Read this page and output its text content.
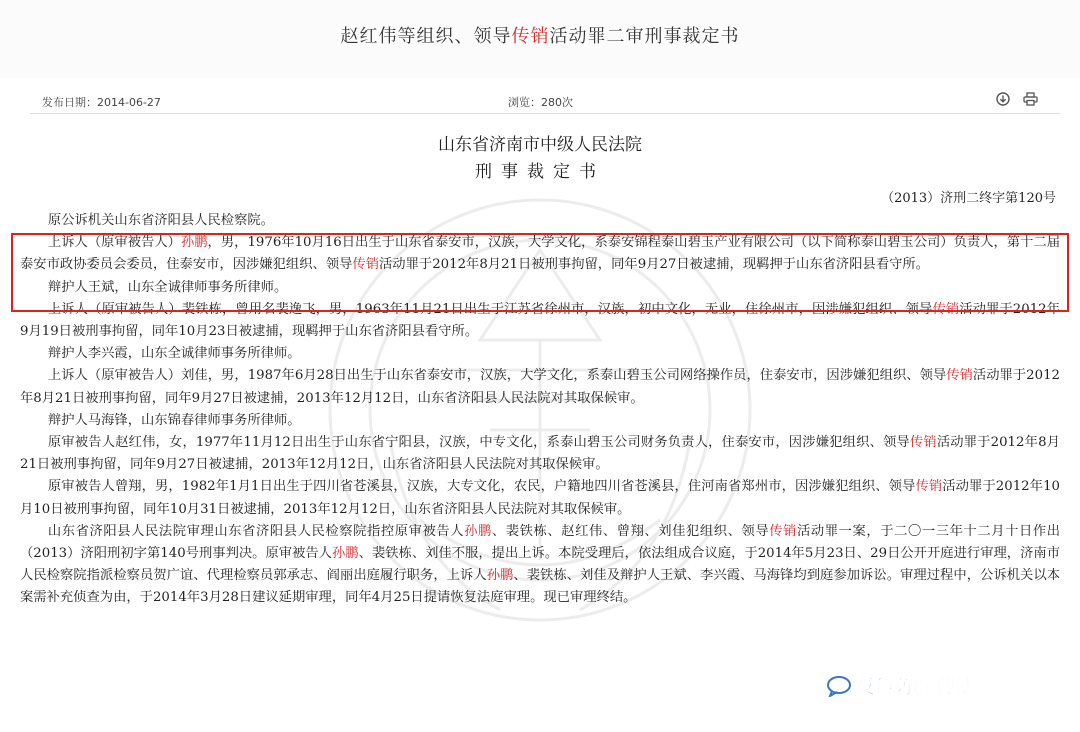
赵红伟等组织、领导传销活动罪二审刑事裁定书
发布日期：2014-06-27	浏览：280次

山东省济南市中级人民法院
刑事裁定书
（2013）济刑二终字第120号

原公诉机关山东省济阳县人民检察院。

上诉人（原审被告人）孙鹏，男，1976年10月16日出生于山东省泰安市，汉族，大学文化，系泰安锦程泰山碧玉产业有限公司（以下简称泰山碧玉公司）负责人，第十二届泰安市政协委员会委员，住泰安市，因涉嫌犯组织、领导传销活动罪于2012年8月21日被刑事拘留，同年9月27日被逮捕，现羁押于山东省济阳县看守所。

辩护人王斌，山东全诚律师事务所律师。

上诉人（原审被告人）裴铁栋，曾用名裴逸飞，男，1963年11月21日出生于江苏省徐州市，汉族，初中文化，无业，住徐州市，因涉嫌犯组织、领导传销活动罪于2012年9月19日被刑事拘留，同年10月23日被逮捕，现羁押于山东省济阳县看守所。

辩护人李兴霞，山东全诚律师事务所律师。

上诉人（原审被告人）刘佳，男，1987年6月28日出生于山东省泰安市，汉族，大学文化，系泰山碧玉公司网络操作员，住泰安市，因涉嫌犯组织、领导传销活动罪于2012年8月21日被刑事拘留，同年9月27日被逮捕，2013年12月12日，山东省济阳县人民法院对其取保候审。

辩护人马海锋，山东锦春律师事务所律师。

原审被告人赵红伟，女，1977年11月12日出生于山东省宁阳县，汉族，中专文化，系泰山碧玉公司财务负责人，住泰安市，因涉嫌犯组织、领导传销活动罪于2012年8月21日被刑事拘留，同年9月27日被逮捕，2013年12月12日，山东省济阳县人民法院对其取保候审。

原审被告人曾翔，男，1982年1月1日出生于四川省苍溪县，汉族，大专文化，农民，户籍地四川省苍溪县，住河南省郑州市，因涉嫌犯组织、领导传销活动罪于2012年10月10日被刑事拘留，同年10月31日被逮捕，2013年12月12日，山东省济阳县人民法院对其取保候审。

山东省济阳县人民法院审理山东省济阳县人民检察院指控原审被告人孙鹏、裴铁栋、赵红伟、曾翔、刘佳犯组织、领导传销活动罪一案，于二〇一三年十二月十日作出（2013）济阳刑初字第140号刑事判决。原审被告人孙鹏、裴铁栋、刘佳不服，提出上诉。本院受理后，依法组成合议庭，于2014年5月23日、29日公开开庭进行审理，济南市人民检察院指派检察员贺广谊、代理检察员郭承志、阎丽出庭履行职务，上诉人孙鹏、裴铁栋、刘佳及辩护人王斌、李兴霞、马海锋均到庭参加诉讼。审理过程中，公诉机关以本案需补充侦查为由，于2014年3月28日建议延期审理，同年4月25日提请恢复法庭审理。现已审理终结。

反传防骗联盟
